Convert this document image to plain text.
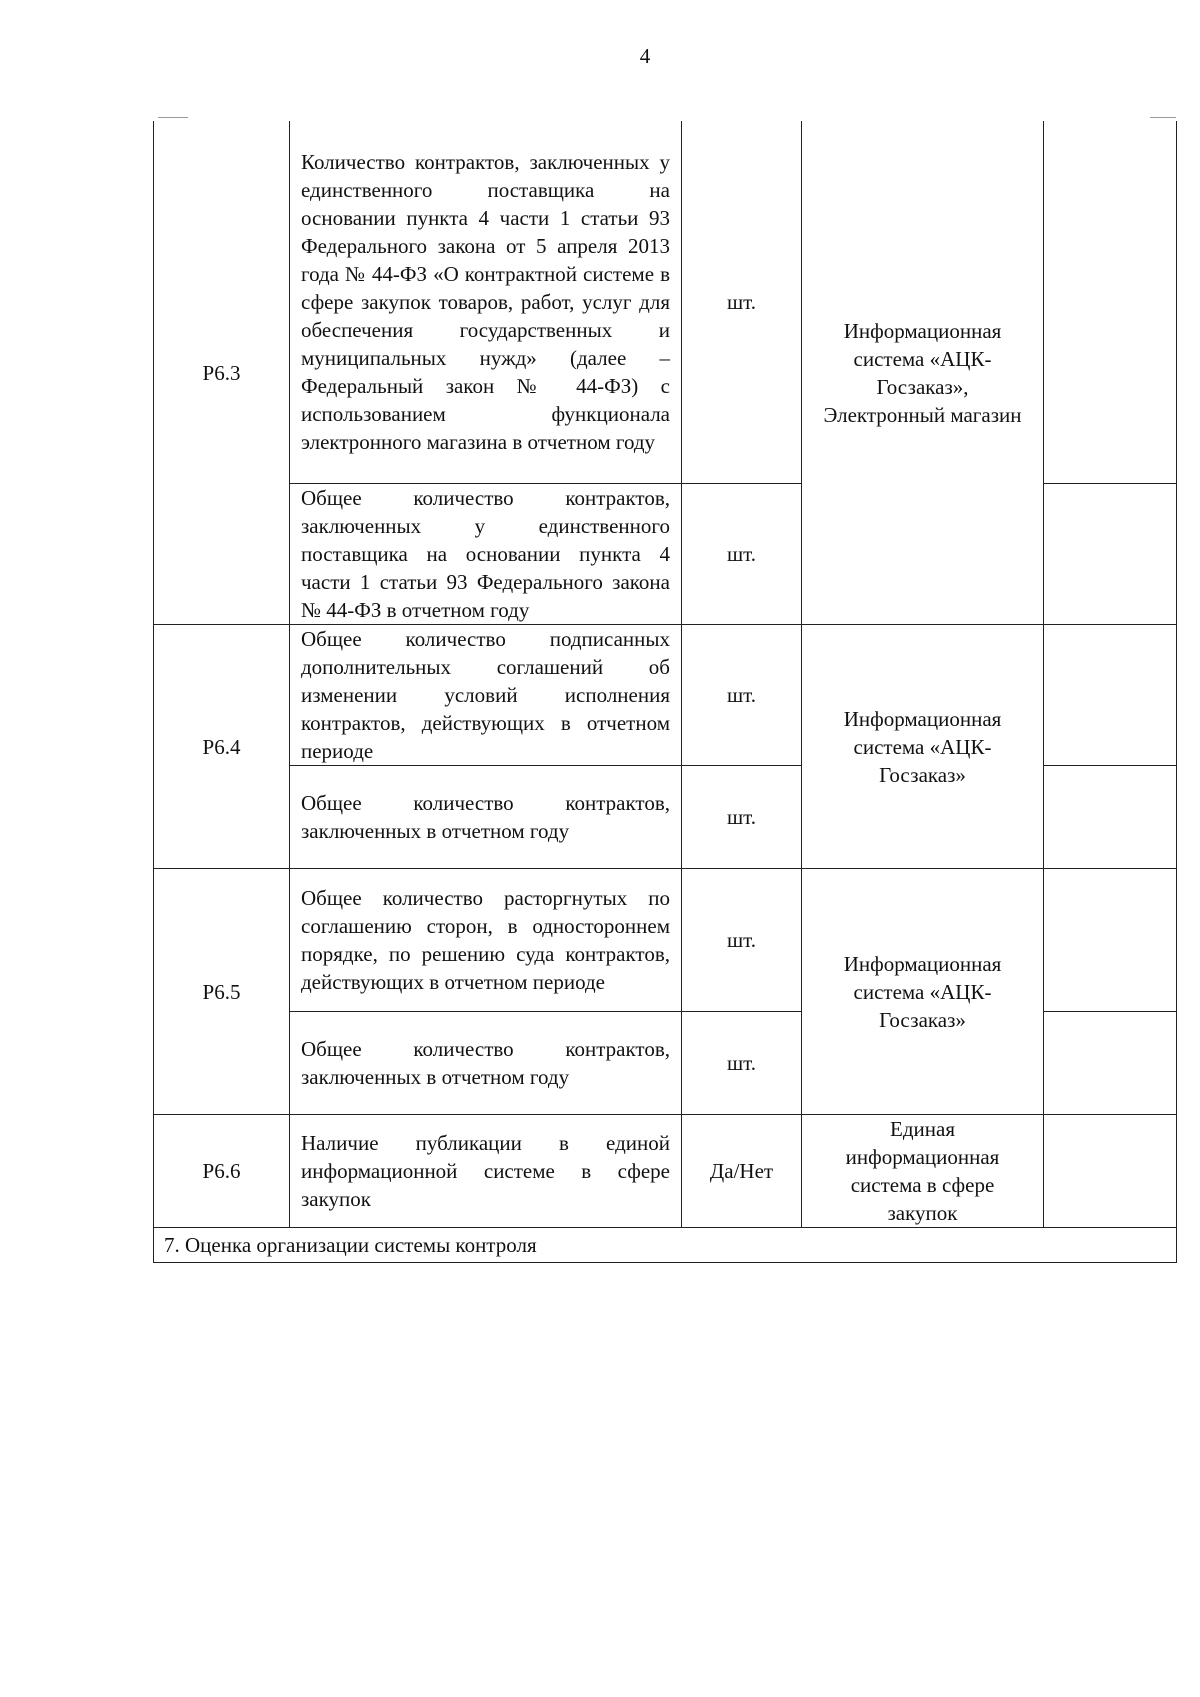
4
Р6.3	Количество контрактов, заключенных у единственного поставщика на основании пункта 4 части 1 статьи 93 Федерального закона от 5 апреля 2013 года № 44-ФЗ «О контрактной системе в сфере закупок товаров, работ, услуг для обеспечения государственных и муниципальных нужд» (далее – Федеральный закон № 44-ФЗ) с использованием функционала электронного магазина в отчетном году	шт.	Информационная система «АЦК-Госзаказ», Электронный магазин	
	Общее количество контрактов, заключенных у единственного поставщика на основании пункта 4 части 1 статьи 93 Федерального закона № 44-ФЗ в отчетном году	шт.		
Р6.4	Общее количество подписанных дополнительных соглашений об изменении условий исполнения контрактов, действующих в отчетном периоде	шт.	Информационная система «АЦК-Госзаказ»	
	Общее количество контрактов, заключенных в отчетном году	шт.		
Р6.5	Общее количество расторгнутых по соглашению сторон, в одностороннем порядке, по решению суда контрактов, действующих в отчетном периоде	шт.	Информационная система «АЦК-Госзаказ»	
	Общее количество контрактов, заключенных в отчетном году	шт.		
Р6.6	Наличие публикации в единой информационной системе в сфере закупок	Да/Нет	Единая информационная система в сфере закупок	
7. Оценка организации системы контроля				
